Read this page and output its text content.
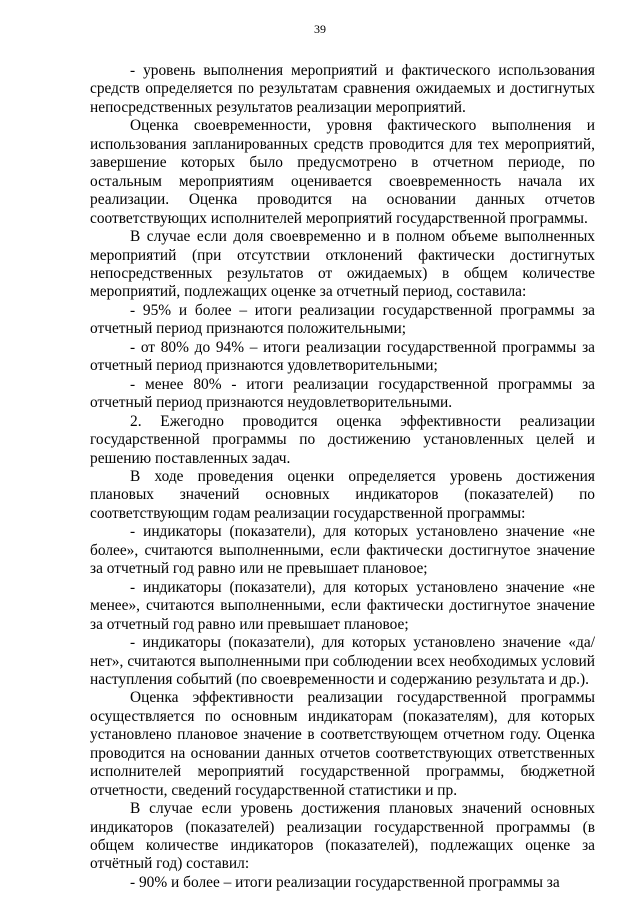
39

- уровень выполнения мероприятий и фактического использования средств определяется по результатам сравнения ожидаемых и достигнутых непосредственных результатов реализации мероприятий.

Оценка своевременности, уровня фактического выполнения и использования запланированных средств проводится для тех мероприятий, завершение которых было предусмотрено в отчетном периоде, по остальным мероприятиям оценивается своевременность начала их реализации. Оценка проводится на основании данных отчетов соответствующих исполнителей мероприятий государственной программы.

В случае если доля своевременно и в полном объеме выполненных мероприятий (при отсутствии отклонений фактически достигнутых непосредственных результатов от ожидаемых) в общем количестве мероприятий, подлежащих оценке за отчетный период, составила:

- 95% и более – итоги реализации государственной программы за отчетный период признаются положительными;

- от 80% до 94% – итоги реализации государственной программы за отчетный период признаются удовлетворительными;

- менее 80% - итоги реализации государственной программы за отчетный период признаются неудовлетворительными.

2. Ежегодно проводится оценка эффективности реализации государственной программы по достижению установленных целей и решению поставленных задач.

В ходе проведения оценки определяется уровень достижения плановых значений основных индикаторов (показателей) по соответствующим годам реализации государственной программы:

- индикаторы (показатели), для которых установлено значение «не более», считаются выполненными, если фактически достигнутое значение за отчетный год равно или не превышает плановое;

- индикаторы (показатели), для которых установлено значение «не менее», считаются выполненными, если фактически достигнутое значение за отчетный год равно или превышает плановое;

- индикаторы (показатели), для которых установлено значение «да/нет», считаются выполненными при соблюдении всех необходимых условий наступления событий (по своевременности и содержанию результата и др.).

Оценка эффективности реализации государственной программы осуществляется по основным индикаторам (показателям), для которых установлено плановое значение в соответствующем отчетном году. Оценка проводится на основании данных отчетов соответствующих ответственных исполнителей мероприятий государственной программы, бюджетной отчетности, сведений государственной статистики и пр.

В случае если уровень достижения плановых значений основных индикаторов (показателей) реализации государственной программы (в общем количестве индикаторов (показателей), подлежащих оценке за отчётный год) составил:

- 90% и более – итоги реализации государственной программы за
